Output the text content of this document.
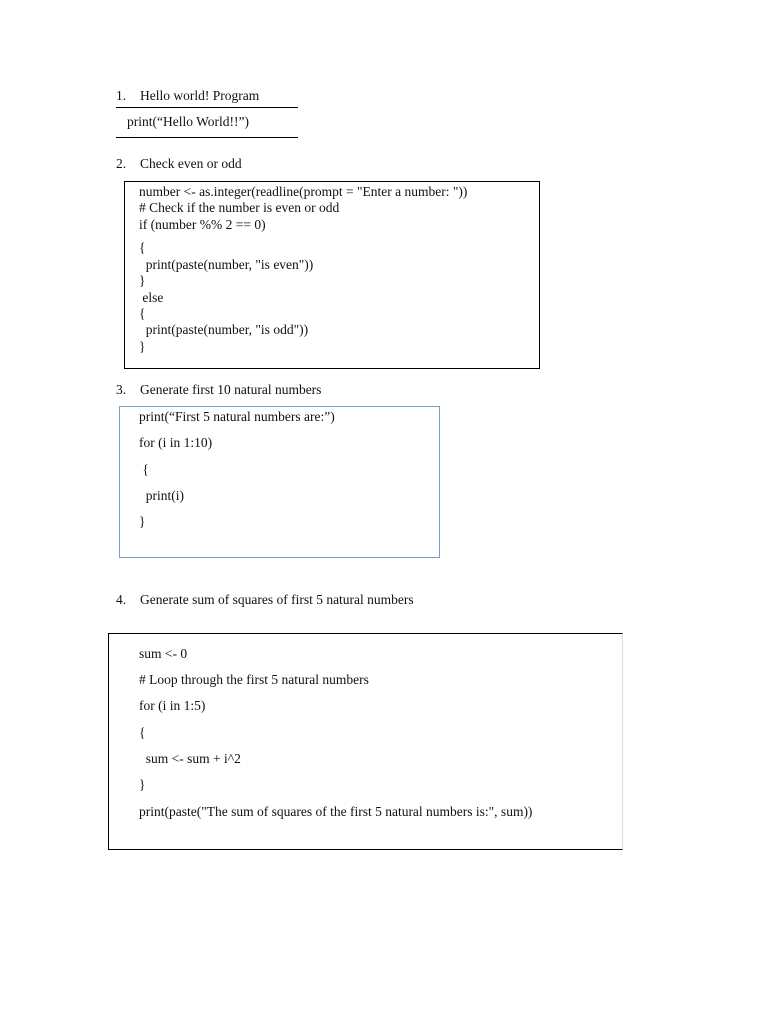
1. Hello world! Program
print(“Hello World!!”)
2. Check even or odd
number <- as.integer(readline(prompt = "Enter a number: "))
# Check if the number is even or odd
if (number %% 2 == 0)
{
print(paste(number, "is even"))
}
else
{
print(paste(number, "is odd"))
}
3. Generate first 10 natural numbers
print(“First 5 natural numbers are:”)
for (i in 1:10)
{
print(i)
}
4. Generate sum of squares of first 5 natural numbers
sum <- 0
# Loop through the first 5 natural numbers
for (i in 1:5)
{
sum <- sum + i^2
}
print(paste("The sum of squares of the first 5 natural numbers is:", sum))
